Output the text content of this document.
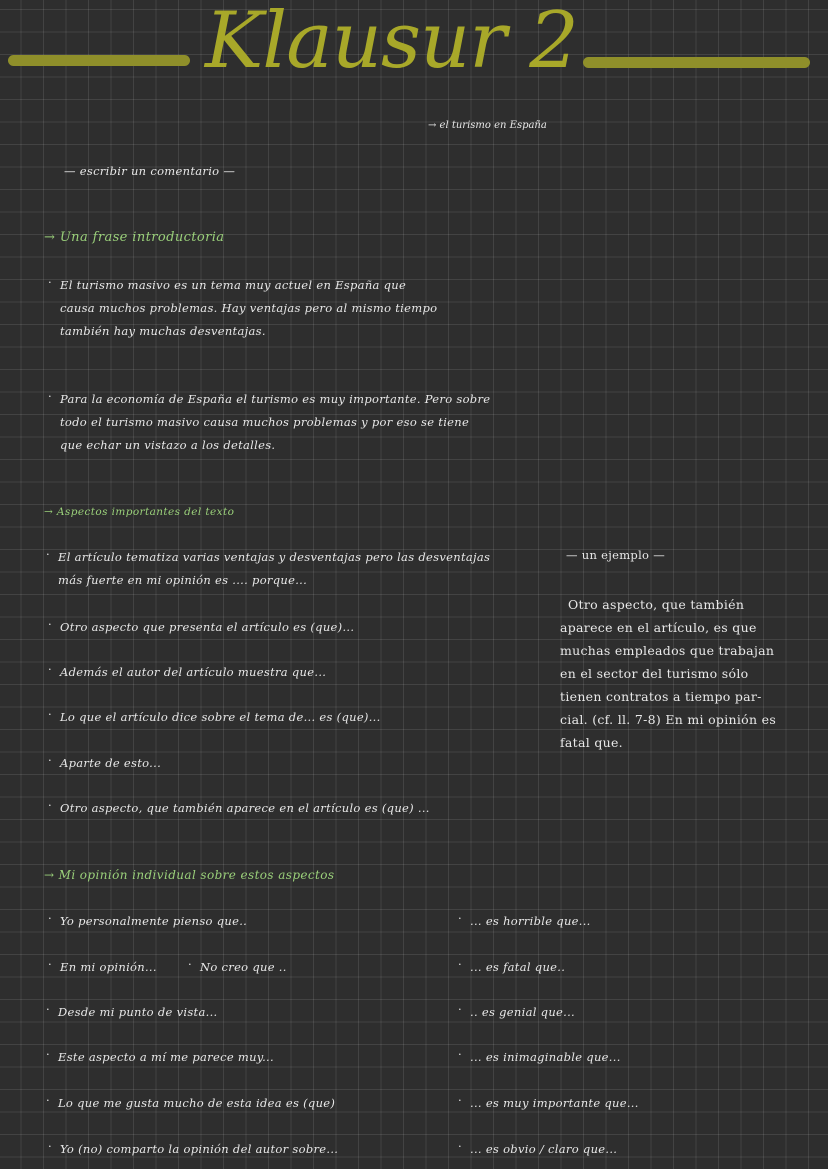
Klausur 2
→ el turismo en España
— escribir un comentario —
→ Una frase introductoria
· El turismo masivo es un tema muy actuel en España que
causa muchos problemas. Hay ventajas pero al mismo tiempo
también hay muchas desventajas.
· Para la economía de España el turismo es muy importante. Pero sobre
todo el turismo masivo causa muchos problemas y por eso se tiene
que echar un vistazo a los detalles.
→ Aspectos importantes del texto
· El artículo tematiza varias ventajas y desventajas pero las desventajas
más fuerte en mi opinión es .... porque...
· Otro aspecto que presenta el artículo es (que)...
· Además el autor del artículo muestra que...
· Lo que el artículo dice sobre el tema de... es (que)...
· Aparte de esto...
· Otro aspecto, que también aparece en el artículo es (que) ...
— un ejemplo —
Otro aspecto, que también
aparece en el artículo, es que
muchas empleados que trabajan
en el sector del turismo sólo
tienen contratos a tiempo par-
cial. (cf. ll. 7-8) En mi opinión es
fatal que.
→ Mi opinión individual sobre estos aspectos
· Yo personalmente pienso que..
· En mi opinión...
·	No creo que ..
· Desde mi punto de vista...
· Este aspecto a mí me parece muy...
· Lo que me gusta mucho de esta idea es (que)
· Yo (no) comparto la opinión del autor sobre...
· ... es horrible que...
· ... es fatal que..
· .. es genial que...
· ... es inimaginable que...
· ... es muy importante que...
· ... es obvio / claro que...
